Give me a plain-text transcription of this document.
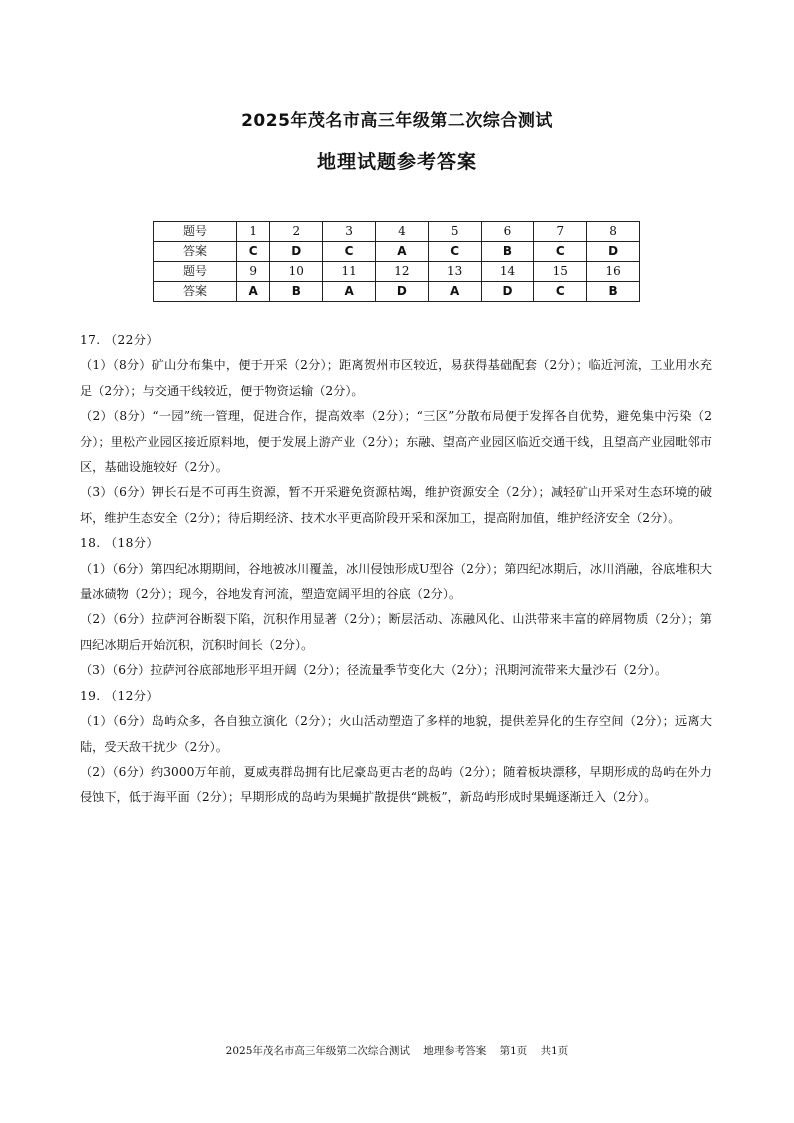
2025年茂名市高三年级第二次综合测试
地理试题参考答案
题号	1	2	3	4	5	6	7	8
答案	C	D	C	A	C	B	C	D
题号	9	10	11	12	13	14	15	16
答案	A	B	A	D	A	D	C	B

17. （22分）

（1）（8分）矿山分布集中，便于开采（2分）；距离贺州市区较近，易获得基础配套（2分）；临近河流，工业用水充足（2分）；与交通干线较近，便于物资运输（2分）。

（2）（8分）“一园”统一管理，促进合作，提高效率（2分）；“三区”分散布局便于发挥各自优势，避免集中污染（2分）；里松产业园区接近原料地，便于发展上游产业（2分）；东融、望高产业园区临近交通干线，且望高产业园毗邻市区，基础设施较好（2分）。

（3）（6分）钾长石是不可再生资源，暂不开采避免资源枯竭，维护资源安全（2分）；减轻矿山开采对生态环境的破坏，维护生态安全（2分）；待后期经济、技术水平更高阶段开采和深加工，提高附加值，维护经济安全（2分）。

18. （18分）

（1）（6分）第四纪冰期期间，谷地被冰川覆盖，冰川侵蚀形成U型谷（2分）；第四纪冰期后，冰川消融，谷底堆积大量冰碛物（2分）；现今，谷地发育河流，塑造宽阔平坦的谷底（2分）。

（2）（6分）拉萨河谷断裂下陷，沉积作用显著（2分）；断层活动、冻融风化、山洪带来丰富的碎屑物质（2分）；第四纪冰期后开始沉积，沉积时间长（2分）。

（3）（6分）拉萨河谷底部地形平坦开阔（2分）；径流量季节变化大（2分）；汛期河流带来大量沙石（2分）。

19. （12分）

（1）（6分）岛屿众多，各自独立演化（2分）；火山活动塑造了多样的地貌，提供差异化的生存空间（2分）；远离大陆，受天敌干扰少（2分）。

（2）（6分）约3000万年前，夏威夷群岛拥有比尼豪岛更古老的岛屿（2分）；随着板块漂移，早期形成的岛屿在外力侵蚀下，低于海平面（2分）；早期形成的岛屿为果蝇扩散提供“跳板”，新岛屿形成时果蝇逐渐迁入（2分）。

2025年茂名市高三年级第二次综合测试 地理参考答案 第1页 共1页
